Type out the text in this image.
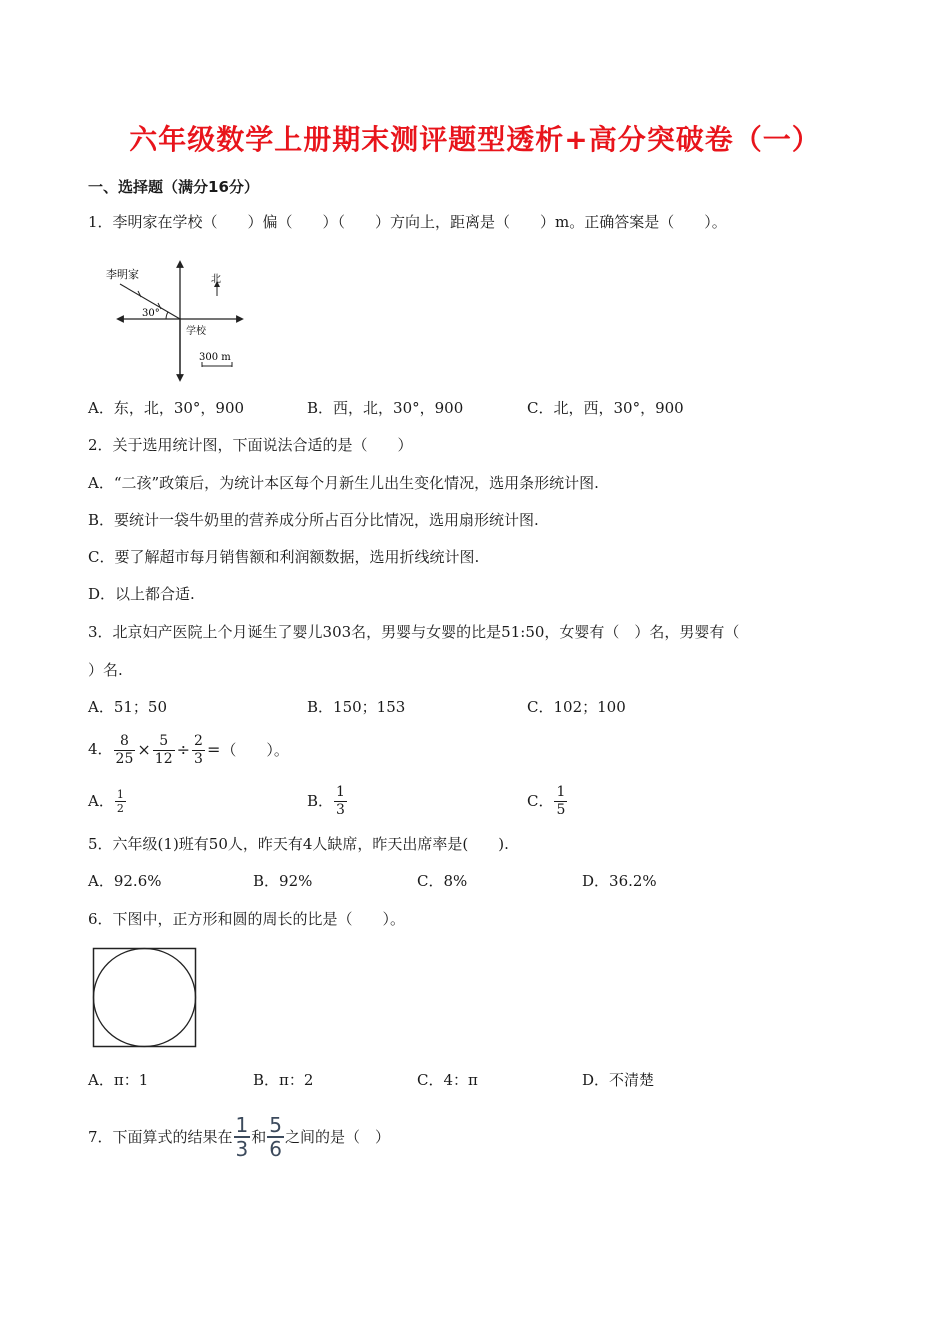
六年级数学上册期末测评题型透析+高分突破卷（一）
一、选择题（满分16分）
1．李明家在学校（　　）偏（　　）（　　）方向上，距离是（　　）m。正确答案是（　　）。
李明家	北
30°
学校
300 m
A．东，北，30°，900	B．西，北，30°，900	C．北，西，30°，900
2．关于选用统计图，下面说法合适的是（　　）
A．“二孩”政策后，为统计本区每个月新生儿出生变化情况，选用条形统计图.
B．要统计一袋牛奶里的营养成分所占百分比情况，选用扇形统计图.
C．要了解超市每月销售额和利润额数据，选用折线统计图.
D．以上都合适.
3．北京妇产医院上个月诞生了婴儿303名，男婴与女婴的比是51:50，女婴有（　）名，男婴有（
）名.
A．51；50	B．150；153	C．102；100
4． $\frac{8}{25} \times \frac{5}{12} \div \frac{2}{3}$ =（　　）。
A． $\frac{1}{2}$	B． $\frac{1}{3}$	C． $\frac{1}{5}$
5．六年级(1)班有50人，昨天有4人缺席，昨天出席率是(　　).
A．92.6%	B．92%	C．8%	D．36.2%
6．下图中，正方形和圆的周长的比是（　　）。
A．π：1	B．π：2	C．4：π	D．不清楚
7．下面算式的结果在 $\frac{1}{3}$ 和 $\frac{5}{6}$ 之间的是（　）
